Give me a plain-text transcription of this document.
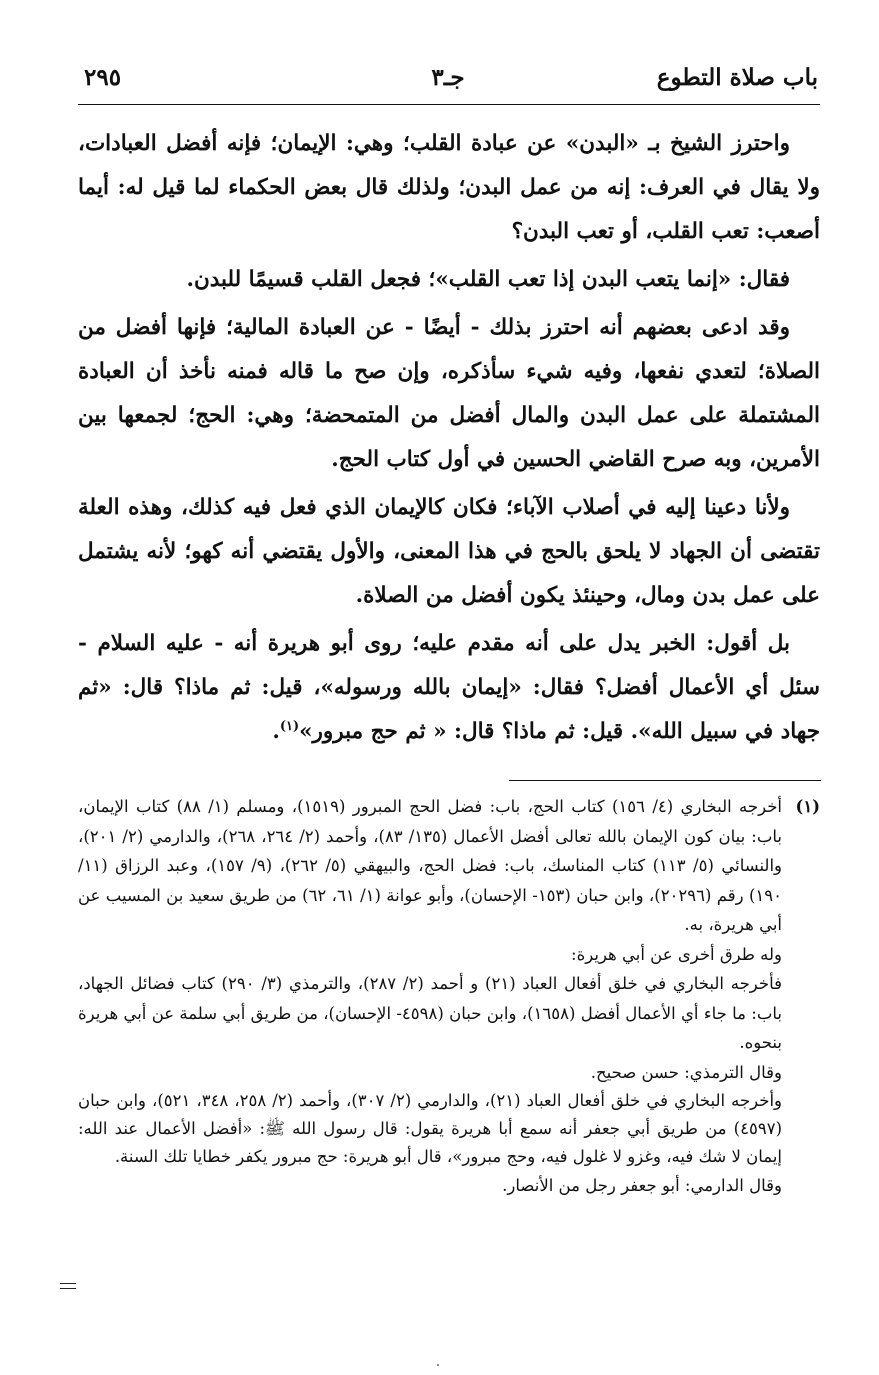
باب صلاة التطوع
جـ٣
٢٩٥

واحترز الشيخ بـ «البدن» عن عبادة القلب؛ وهي: الإيمان؛ فإنه أفضل العبادات، ولا يقال في العرف: إنه من عمل البدن؛ ولذلك قال بعض الحكماء لما قيل له: أيما أصعب: تعب القلب، أو تعب البدن؟

فقال: «إنما يتعب البدن إذا تعب القلب»؛ فجعل القلب قسيمًا للبدن.

وقد ادعى بعضهم أنه احترز بذلك - أيضًا - عن العبادة المالية؛ فإنها أفضل من الصلاة؛ لتعدي نفعها، وفيه شيء سأذكره، وإن صح ما قاله فمنه نأخذ أن العبادة المشتملة على عمل البدن والمال أفضل من المتمحضة؛ وهي: الحج؛ لجمعها بين الأمرين، وبه صرح القاضي الحسين في أول كتاب الحج.

ولأنا دعينا إليه في أصلاب الآباء؛ فكان كالإيمان الذي فعل فيه كذلك، وهذه العلة تقتضى أن الجهاد لا يلحق بالحج في هذا المعنى، والأول يقتضي أنه كهو؛ لأنه يشتمل على عمل بدن ومال، وحينئذ يكون أفضل من الصلاة.

بل أقول: الخبر يدل على أنه مقدم عليه؛ روى أبو هريرة أنه - عليه السلام - سئل أي الأعمال أفضل؟ فقال: «إيمان بالله ورسوله»، قيل: ثم ماذا؟ قال: «ثم جهاد في سبيل الله». قيل: ثم ماذا؟ قال: « ثم حج مبرور»$^{(١)}$.

(١)

أخرجه البخاري (٤/ ١٥٦) كتاب الحج، باب: فضل الحج المبرور (١٥١٩)، ومسلم (١/ ٨٨) كتاب الإيمان، باب: بيان كون الإيمان بالله تعالى أفضل الأعمال (١٣٥/ ٨٣)، وأحمد (٢/ ٢٦٤، ٢٦٨)، والدارمي (٢/ ٢٠١)، والنسائي (٥/ ١١٣) كتاب المناسك، باب: فضل الحج، والبيهقي (٥/ ٢٦٢)، (٩/ ١٥٧)، وعبد الرزاق (١١/ ١٩٠) رقم (٢٠٢٩٦)، وابن حبان (١٥٣- الإحسان)، وأبو عوانة (١/ ٦١، ٦٢) من طريق سعيد بن المسيب عن أبي هريرة، به.

وله طرق أخرى عن أبي هريرة:

فأخرجه البخاري في خلق أفعال العباد (٢١) و أحمد (٢/ ٢٨٧)، والترمذي (٣/ ٢٩٠) كتاب فضائل الجهاد، باب: ما جاء أي الأعمال أفضل (١٦٥٨)، وابن حبان (٤٥٩٨- الإحسان)، من طريق أبي سلمة عن أبي هريرة بنحوه.

وقال الترمذي: حسن صحيح.

وأخرجه البخاري في خلق أفعال العباد (٢١)، والدارمي (٢/ ٣٠٧)، وأحمد (٢/ ٢٥٨، ٣٤٨، ٥٢١)، وابن حبان (٤٥٩٧) من طريق أبي جعفر أنه سمع أبا هريرة يقول: قال رسول الله ﷺ: «أفضل الأعمال عند الله: إيمان لا شك فيه، وغزو لا غلول فيه، وحج مبرور»، قال أبو هريرة: حج مبرور يكفر خطايا تلك السنة.

وقال الدارمي: أبو جعفر رجل من الأنصار.
